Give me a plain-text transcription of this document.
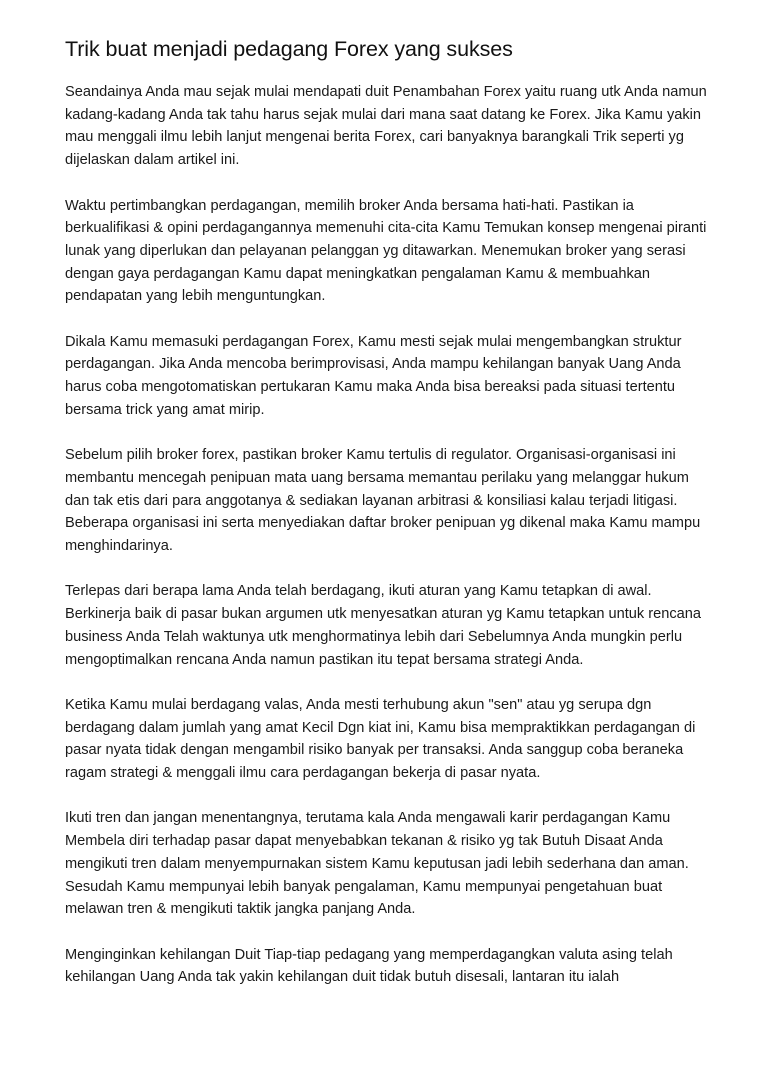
Trik buat menjadi pedagang Forex yang sukses

Seandainya Anda mau sejak mulai mendapati duit Penambahan Forex yaitu ruang utk Anda namun kadang-kadang Anda tak tahu harus sejak mulai dari mana saat datang ke Forex. Jika Kamu yakin mau menggali ilmu lebih lanjut mengenai berita Forex, cari banyaknya barangkali Trik seperti yg dijelaskan dalam artikel ini.

Waktu pertimbangkan perdagangan, memilih broker Anda bersama hati-hati. Pastikan ia berkualifikasi & opini perdagangannya memenuhi cita-cita Kamu Temukan konsep mengenai piranti lunak yang diperlukan dan pelayanan pelanggan yg ditawarkan. Menemukan broker yang serasi dengan gaya perdagangan Kamu dapat meningkatkan pengalaman Kamu & membuahkan pendapatan yang lebih menguntungkan.

Dikala Kamu memasuki perdagangan Forex, Kamu mesti sejak mulai mengembangkan struktur perdagangan. Jika Anda mencoba berimprovisasi, Anda mampu kehilangan banyak Uang Anda harus coba mengotomatiskan pertukaran Kamu maka Anda bisa bereaksi pada situasi tertentu bersama trick yang amat mirip.

Sebelum pilih broker forex, pastikan broker Kamu tertulis di regulator. Organisasi-organisasi ini membantu mencegah penipuan mata uang bersama memantau perilaku yang melanggar hukum dan tak etis dari para anggotanya & sediakan layanan arbitrasi & konsiliasi kalau terjadi litigasi. Beberapa organisasi ini serta menyediakan daftar broker penipuan yg dikenal maka Kamu mampu menghindarinya.

Terlepas dari berapa lama Anda telah berdagang, ikuti aturan yang Kamu tetapkan di awal. Berkinerja baik di pasar bukan argumen utk menyesatkan aturan yg Kamu tetapkan untuk rencana business Anda Telah waktunya utk menghormatinya lebih dari Sebelumnya Anda mungkin perlu mengoptimalkan rencana Anda namun pastikan itu tepat bersama strategi Anda.

Ketika Kamu mulai berdagang valas, Anda mesti terhubung akun "sen" atau yg serupa dgn berdagang dalam jumlah yang amat Kecil Dgn kiat ini, Kamu bisa mempraktikkan perdagangan di pasar nyata tidak dengan mengambil risiko banyak per transaksi. Anda sanggup coba beraneka ragam strategi & menggali ilmu cara perdagangan bekerja di pasar nyata.

Ikuti tren dan jangan menentangnya, terutama kala Anda mengawali karir perdagangan Kamu Membela diri terhadap pasar dapat menyebabkan tekanan & risiko yg tak Butuh Disaat Anda mengikuti tren dalam menyempurnakan sistem Kamu keputusan jadi lebih sederhana dan aman. Sesudah Kamu mempunyai lebih banyak pengalaman, Kamu mempunyai pengetahuan buat melawan tren & mengikuti taktik jangka panjang Anda.

Menginginkan kehilangan Duit Tiap-tiap pedagang yang memperdagangkan valuta asing telah kehilangan Uang Anda tak yakin kehilangan duit tidak butuh disesali, lantaran itu ialah
